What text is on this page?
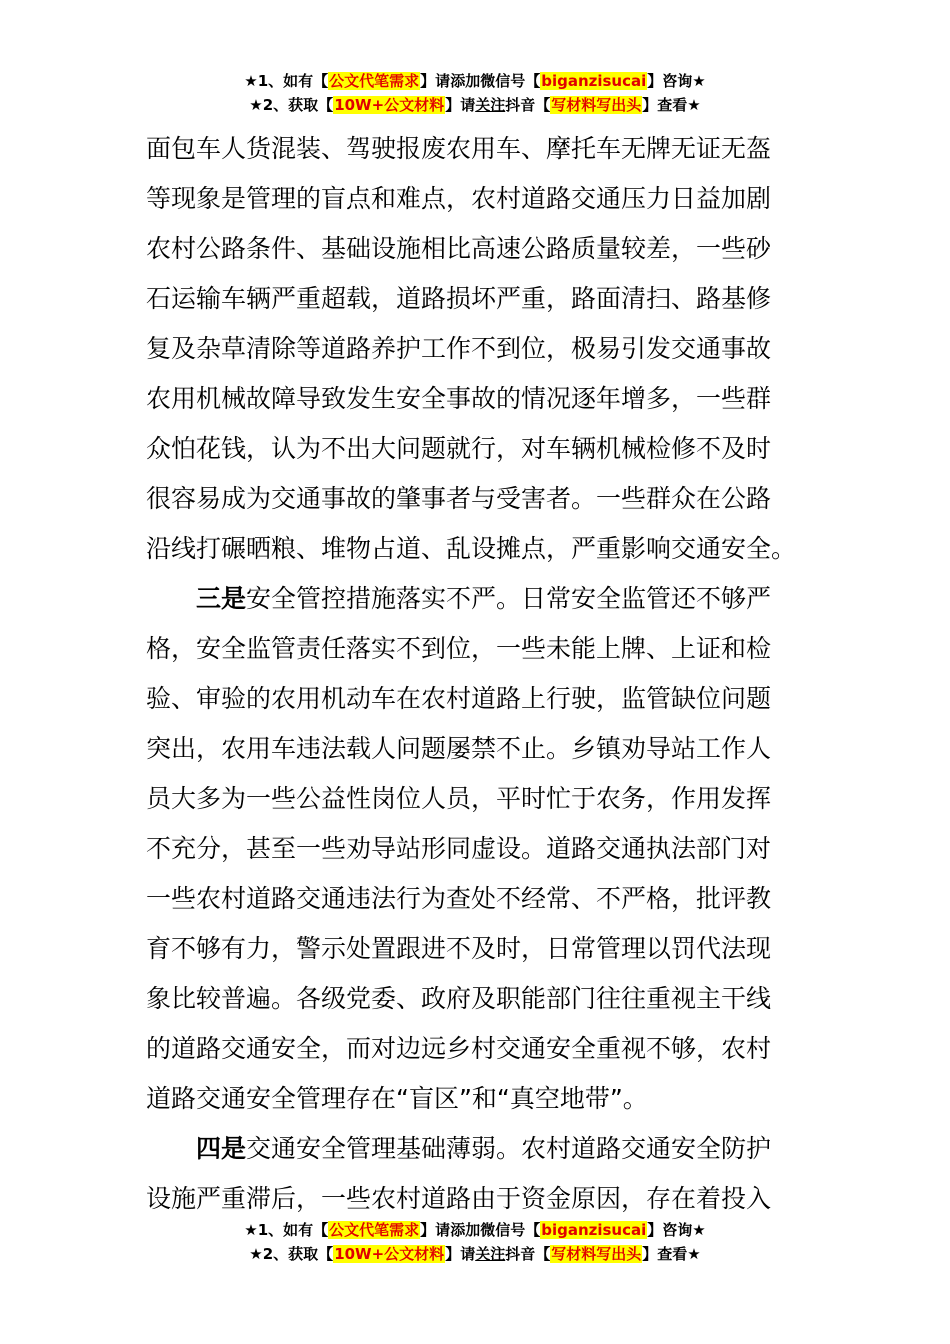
★1、如有【公文代笔需求】请添加微信号【biganzisucai】咨询★
★2、获取【10W+公文材料】请关注抖音【写材料写出头】查看★

面包车人货混装、驾驶报废农用车、摩托车无牌无证无盔

等现象是管理的盲点和难点，农村道路交通压力日益加剧

农村公路条件、基础设施相比高速公路质量较差，一些砂

石运输车辆严重超载，道路损坏严重，路面清扫、路基修

复及杂草清除等道路养护工作不到位，极易引发交通事故

农用机械故障导致发生安全事故的情况逐年增多，一些群

众怕花钱，认为不出大问题就行，对车辆机械检修不及时

很容易成为交通事故的肇事者与受害者。一些群众在公路

沿线打碾晒粮、堆物占道、乱设摊点，严重影响交通安全。

三是安全管控措施落实不严。日常安全监管还不够严

格，安全监管责任落实不到位，一些未能上牌、上证和检

验、审验的农用机动车在农村道路上行驶，监管缺位问题

突出，农用车违法载人问题屡禁不止。乡镇劝导站工作人

员大多为一些公益性岗位人员，平时忙于农务，作用发挥

不充分，甚至一些劝导站形同虚设。道路交通执法部门对

一些农村道路交通违法行为查处不经常、不严格，批评教

育不够有力，警示处置跟进不及时，日常管理以罚代法现

象比较普遍。各级党委、政府及职能部门往往重视主干线

的道路交通安全，而对边远乡村交通安全重视不够，农村

道路交通安全管理存在“盲区”和“真空地带”。

四是交通安全管理基础薄弱。农村道路交通安全防护

设施严重滞后，一些农村道路由于资金原因，存在着投入

★1、如有【公文代笔需求】请添加微信号【biganzisucai】咨询★
★2、获取【10W+公文材料】请关注抖音【写材料写出头】查看★
